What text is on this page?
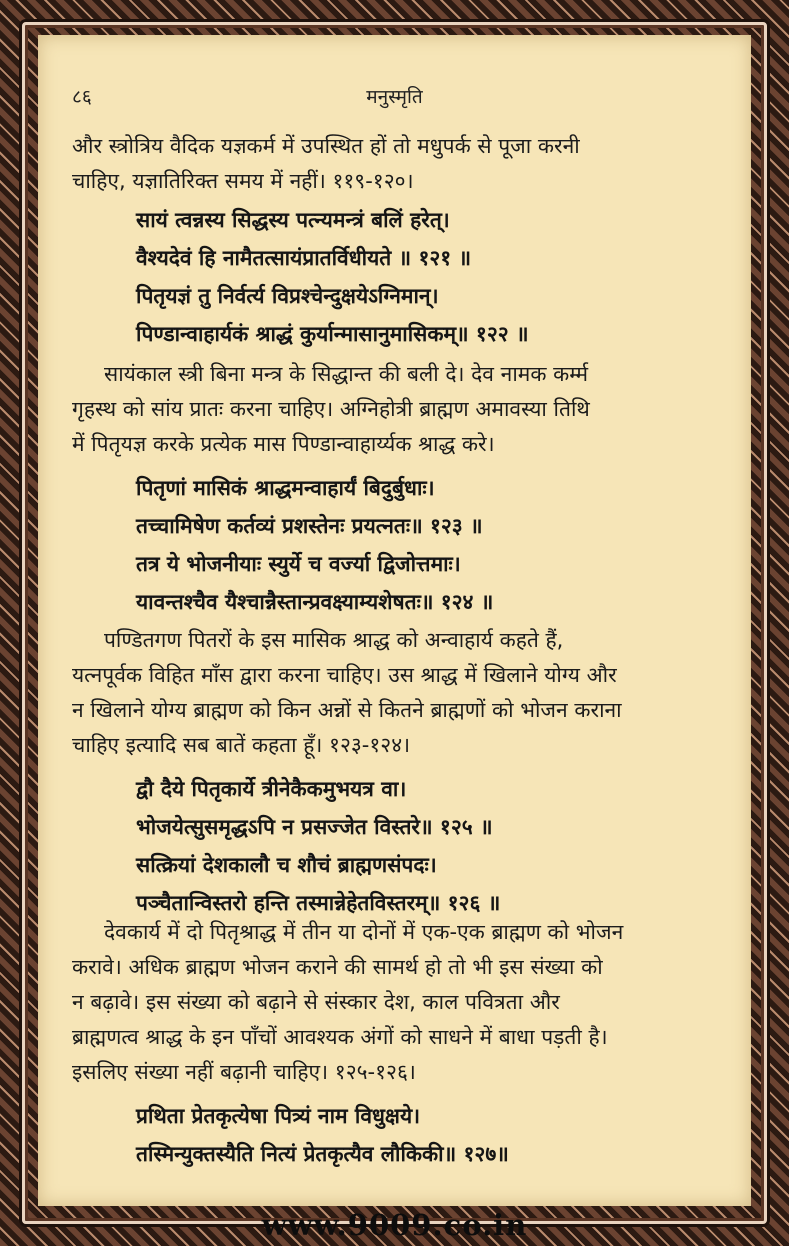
८६	मनुस्मृति
और स्त्रोत्रिय वैदिक यज्ञकर्म में उपस्थित हों तो मधुपर्क से पूजा करनी
चाहिए, यज्ञातिरिक्त समय में नहीं। ११९-१२०।
सायं त्वन्नस्य सिद्धस्य पत्न्यमन्त्रं बलिं हरेत्।
वैश्यदेवं हि नामैतत्सायंप्रातर्विधीयते ॥ १२१ ॥
पितृयज्ञं तु निर्वर्त्य विप्रश्चेन्दुक्षयेऽग्निमान्।
पिण्डान्वाहार्यकं श्राद्धं कुर्यान्मासानुमासिकम्॥ १२२ ॥
सायंकाल स्त्री बिना मन्त्र के सिद्धान्त की बली दे। देव नामक कर्म्म
गृहस्थ को सांय प्रातः करना चाहिए। अग्निहोत्री ब्राह्मण अमावस्या तिथि
में पितृयज्ञ करके प्रत्येक मास पिण्डान्वाहार्य्यक श्राद्ध करे।
पितृणां मासिकं श्राद्धमन्वाहार्यं बिदुर्बुधाः।
तच्चामिषेण कर्तव्यं प्रशस्तेनः प्रयत्नतः॥ १२३ ॥
तत्र ये भोजनीयाः स्युर्ये च वर्ज्या द्विजोत्तमाः।
यावन्तश्चैव यैश्चान्नैस्तान्प्रवक्ष्याम्यशेषतः॥ १२४ ॥
पण्डितगण पितरों के इस मासिक श्राद्ध को अन्वाहार्य कहते हैं,
यत्नपूर्वक विहित माँस द्वारा करना चाहिए। उस श्राद्ध में खिलाने योग्य और
न खिलाने योग्य ब्राह्मण को किन अन्नों से कितने ब्राह्मणों को भोजन कराना
चाहिए इत्यादि सब बातें कहता हूँ। १२३-१२४।
द्वौ दैये पितृकार्ये त्रीनेकैकमुभयत्र वा।
भोजयेत्सुसमृद्धऽपि न प्रसज्जेत विस्तरे॥ १२५ ॥
सत्क्रियां देशकालौ च शौचं ब्राह्मणसंपदः।
पञ्चैतान्विस्तरो हन्ति तस्मान्नेहेतविस्तरम्॥ १२६ ॥
देवकार्य में दो पितृश्राद्ध में तीन या दोनों में एक-एक ब्राह्मण को भोजन
करावे। अधिक ब्राह्मण भोजन कराने की सामर्थ हो तो भी इस संख्या को
न बढ़ावे। इस संख्या को बढ़ाने से संस्कार देश, काल पवित्रता और
ब्राह्मणत्व श्राद्ध के इन पाँचों आवश्यक अंगों को साधने में बाधा पड़ती है।
इसलिए संख्या नहीं बढ़ानी चाहिए। १२५-१२६।
प्रथिता प्रेतकृत्येषा पित्र्यं नाम विधुक्षये।
तस्मिन्युक्तस्यैति नित्यं प्रेतकृत्यैव लौकिकी॥ १२७॥
www.9009.co.in
